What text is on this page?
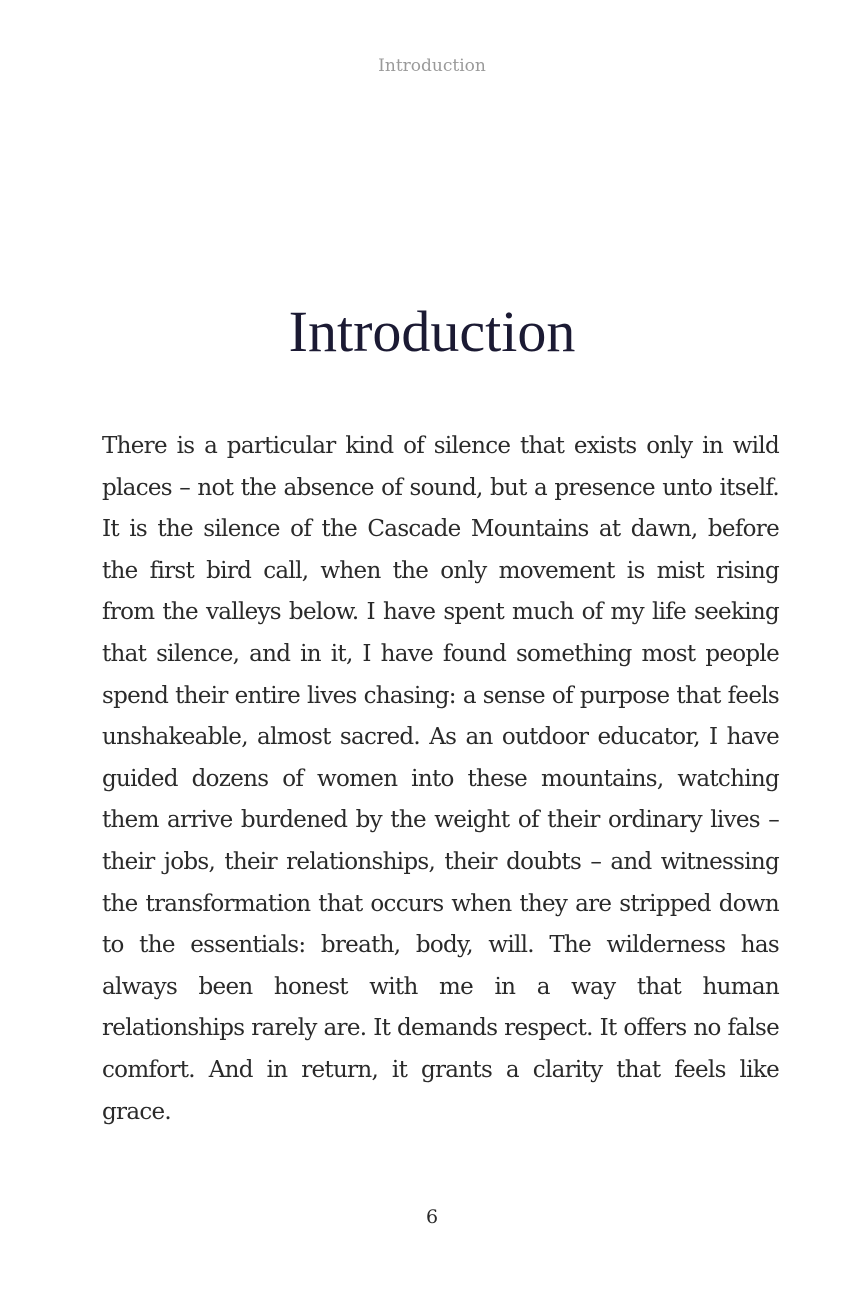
Introduction
Introduction

There is a particular kind of silence that exists only in wild places – not the absence of sound, but a presence unto itself. It is the silence of the Cascade Mountains at dawn, before the first bird call, when the only movement is mist rising from the valleys below. I have spent much of my life seeking that silence, and in it, I have found something most people spend their entire lives chasing: a sense of purpose that feels unshakeable, almost sacred. As an outdoor educator, I have guided dozens of women into these mountains, watching them arrive burdened by the weight of their ordinary lives – their jobs, their relationships, their doubts – and witnessing the transformation that occurs when they are stripped down to the essentials: breath, body, will. The wilderness has always been honest with me in a way that human relationships rarely are. It demands respect. It offers no false comfort. And in return, it grants a clarity that feels like grace.

6
